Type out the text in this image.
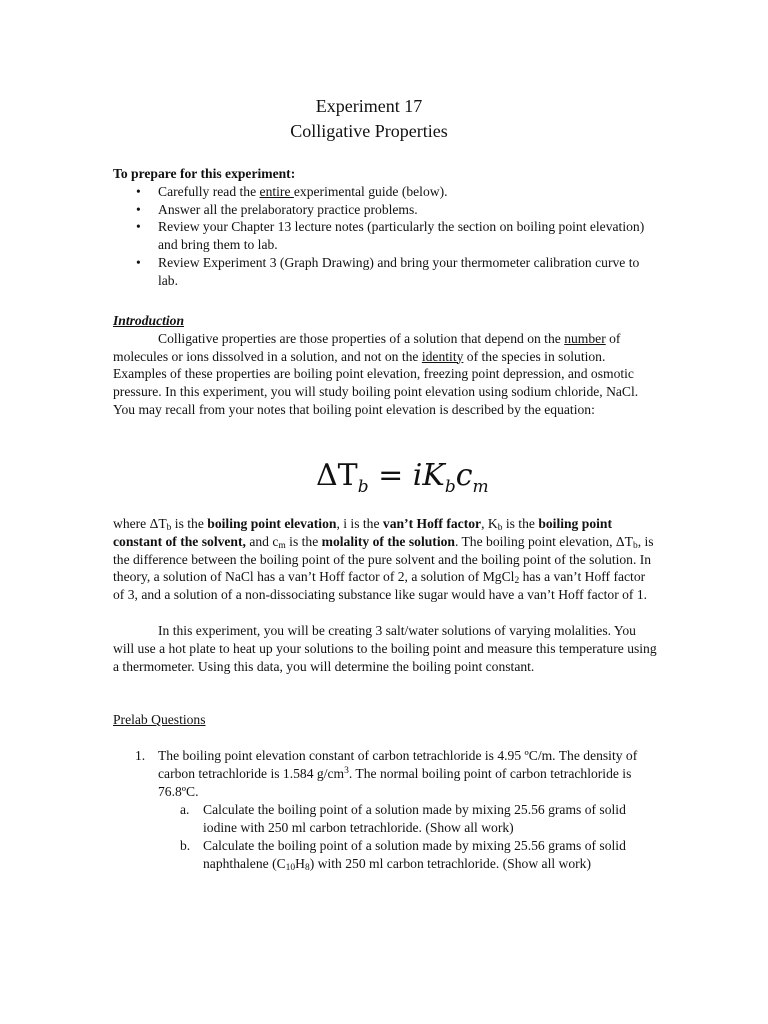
Experiment 17
Colligative Properties
To prepare for this experiment:
• Carefully read the entire experimental guide (below).
• Answer all the prelaboratory practice problems.
• Review your Chapter 13 lecture notes (particularly the section on boiling point elevation) and bring them to lab.
• Review Experiment 3 (Graph Drawing) and bring your thermometer calibration curve to lab.
Introduction
Colligative properties are those properties of a solution that depend on the number of molecules or ions dissolved in a solution, and not on the identity of the species in solution. Examples of these properties are boiling point elevation, freezing point depression, and osmotic pressure. In this experiment, you will study boiling point elevation using sodium chloride, NaCl. You may recall from your notes that boiling point elevation is described by the equation:
$\Delta T_b = iK_bc_m$
where $\Delta T_b$ is the boiling point elevation, i is the van’t Hoff factor, $K_b$ is the boiling point constant of the solvent, and $c_m$ is the molality of the solution. The boiling point elevation, $\Delta T_b$, is the difference between the boiling point of the pure solvent and the boiling point of the solution. In theory, a solution of NaCl has a van’t Hoff factor of 2, a solution of MgCl$_2$ has a van’t Hoff factor of 3, and a solution of a non-dissociating substance like sugar would have a van’t Hoff factor of 1.
In this experiment, you will be creating 3 salt/water solutions of varying molalities. You will use a hot plate to heat up your solutions to the boiling point and measure this temperature using a thermometer. Using this data, you will determine the boiling point constant.
Prelab Questions
1. The boiling point elevation constant of carbon tetrachloride is 4.95 ºC/m. The density of carbon tetrachloride is 1.584 $g/cm^3$. The normal boiling point of carbon tetrachloride is 76.8ºC.
a. Calculate the boiling point of a solution made by mixing 25.56 grams of solid iodine with 250 ml carbon tetrachloride. (Show all work)
b. Calculate the boiling point of a solution made by mixing 25.56 grams of solid naphthalene $(C_{10}H_8)$ with 250 ml carbon tetrachloride. (Show all work)
